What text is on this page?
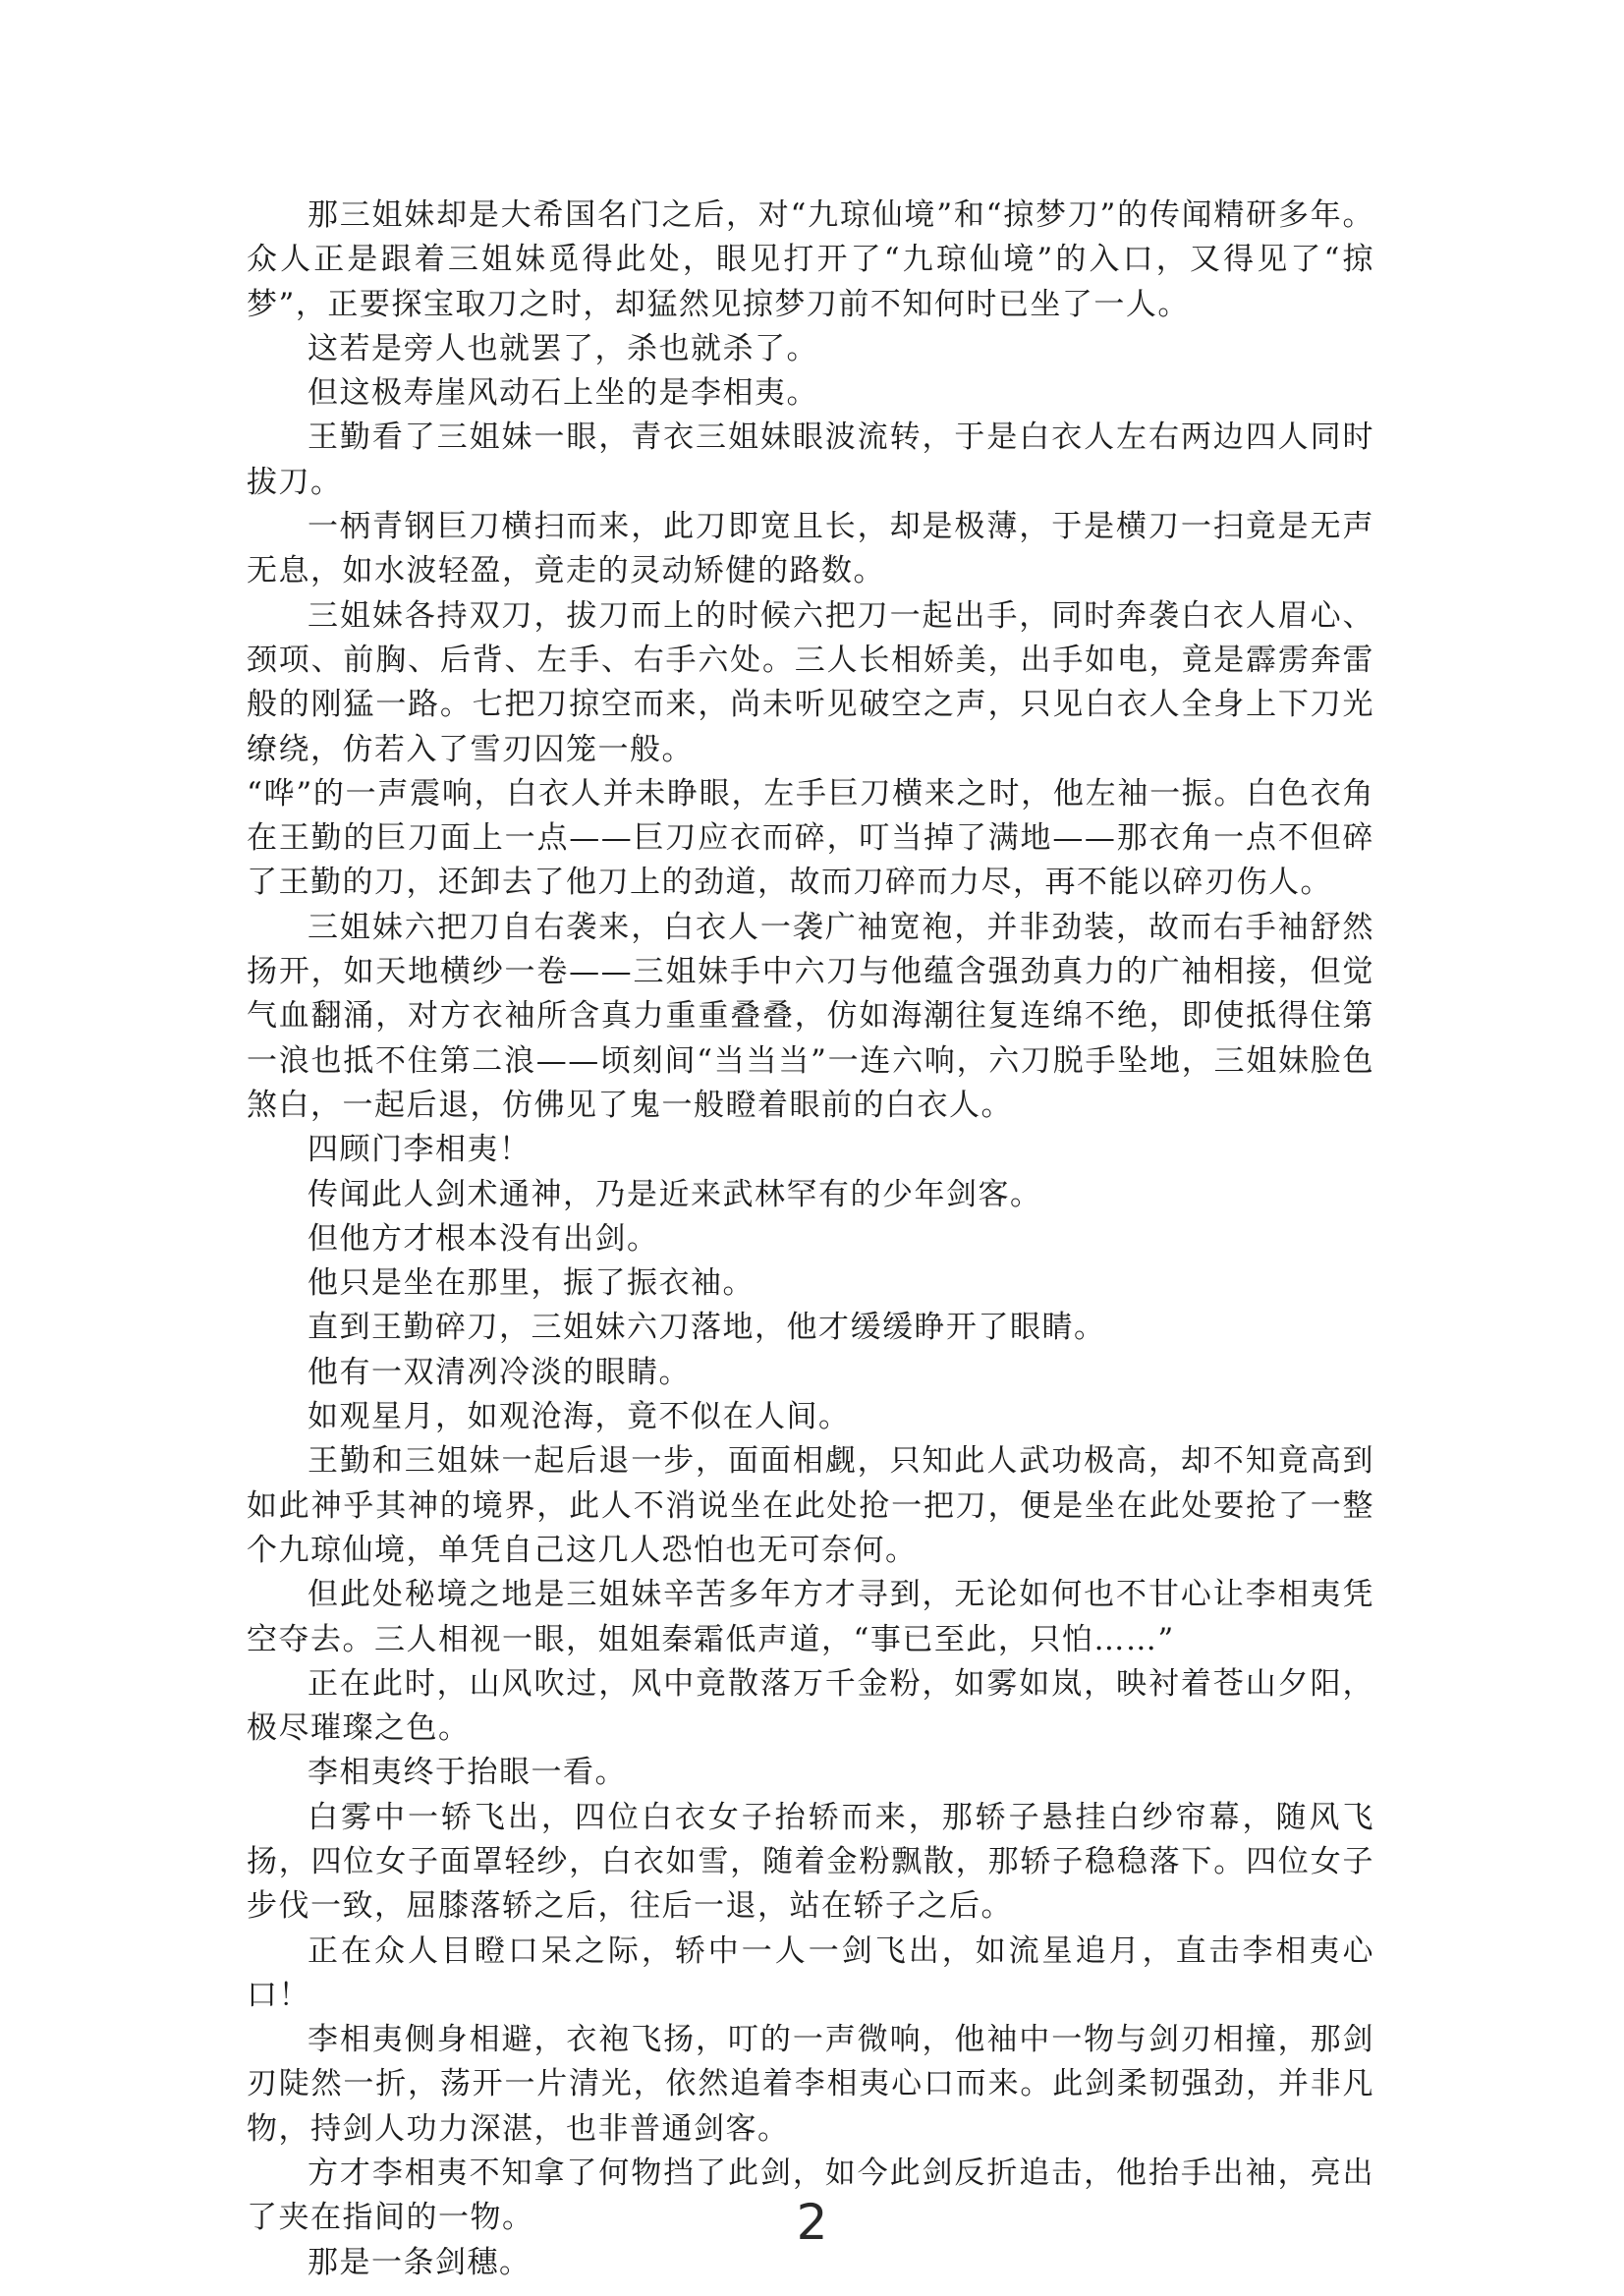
那三姐妹却是大希国名门之后，对“九琼仙境”和“掠梦刀”的传闻精研多年。众人正是跟着三姐妹觅得此处，眼见打开了“九琼仙境”的入口，又得见了“掠梦”，正要探宝取刀之时，却猛然见掠梦刀前不知何时已坐了一人。

这若是旁人也就罢了，杀也就杀了。

但这极寿崖风动石上坐的是李相夷。

王勤看了三姐妹一眼，青衣三姐妹眼波流转，于是白衣人左右两边四人同时拔刀。

一柄青钢巨刀横扫而来，此刀即宽且长，却是极薄，于是横刀一扫竟是无声无息，如水波轻盈，竟走的灵动矫健的路数。

三姐妹各持双刀，拔刀而上的时候六把刀一起出手，同时奔袭白衣人眉心、颈项、前胸、后背、左手、右手六处。三人长相娇美，出手如电，竟是霹雳奔雷般的刚猛一路。七把刀掠空而来，尚未听见破空之声，只见白衣人全身上下刀光缭绕，仿若入了雪刃囚笼一般。

“哗”的一声震响，白衣人并未睁眼，左手巨刀横来之时，他左袖一振。白色衣角在王勤的巨刀面上一点——巨刀应衣而碎，叮当掉了满地——那衣角一点不但碎了王勤的刀，还卸去了他刀上的劲道，故而刀碎而力尽，再不能以碎刃伤人。

三姐妹六把刀自右袭来，白衣人一袭广袖宽袍，并非劲装，故而右手袖舒然扬开，如天地横纱一卷——三姐妹手中六刀与他蕴含强劲真力的广袖相接，但觉气血翻涌，对方衣袖所含真力重重叠叠，仿如海潮往复连绵不绝，即使抵得住第一浪也抵不住第二浪——顷刻间“当当当”一连六响，六刀脱手坠地，三姐妹脸色煞白，一起后退，仿佛见了鬼一般瞪着眼前的白衣人。

四顾门李相夷！

传闻此人剑术通神，乃是近来武林罕有的少年剑客。

但他方才根本没有出剑。

他只是坐在那里，振了振衣袖。

直到王勤碎刀，三姐妹六刀落地，他才缓缓睁开了眼睛。

他有一双清冽冷淡的眼睛。

如观星月，如观沧海，竟不似在人间。

王勤和三姐妹一起后退一步，面面相觑，只知此人武功极高，却不知竟高到如此神乎其神的境界，此人不消说坐在此处抢一把刀，便是坐在此处要抢了一整个九琼仙境，单凭自己这几人恐怕也无可奈何。

但此处秘境之地是三姐妹辛苦多年方才寻到，无论如何也不甘心让李相夷凭空夺去。三人相视一眼，姐姐秦霜低声道，“事已至此，只怕……”

正在此时，山风吹过，风中竟散落万千金粉，如雾如岚，映衬着苍山夕阳，极尽璀璨之色。

李相夷终于抬眼一看。

白雾中一轿飞出，四位白衣女子抬轿而来，那轿子悬挂白纱帘幕，随风飞扬，四位女子面罩轻纱，白衣如雪，随着金粉飘散，那轿子稳稳落下。四位女子步伐一致，屈膝落轿之后，往后一退，站在轿子之后。

正在众人目瞪口呆之际，轿中一人一剑飞出，如流星追月，直击李相夷心口！

李相夷侧身相避，衣袍飞扬，叮的一声微响，他袖中一物与剑刃相撞，那剑刃陡然一折，荡开一片清光，依然追着李相夷心口而来。此剑柔韧强劲，并非凡物，持剑人功力深湛，也非普通剑客。

方才李相夷不知拿了何物挡了此剑，如今此剑反折追击，他抬手出袖，亮出了夹在指间的一物。

那是一条剑穗。

2
